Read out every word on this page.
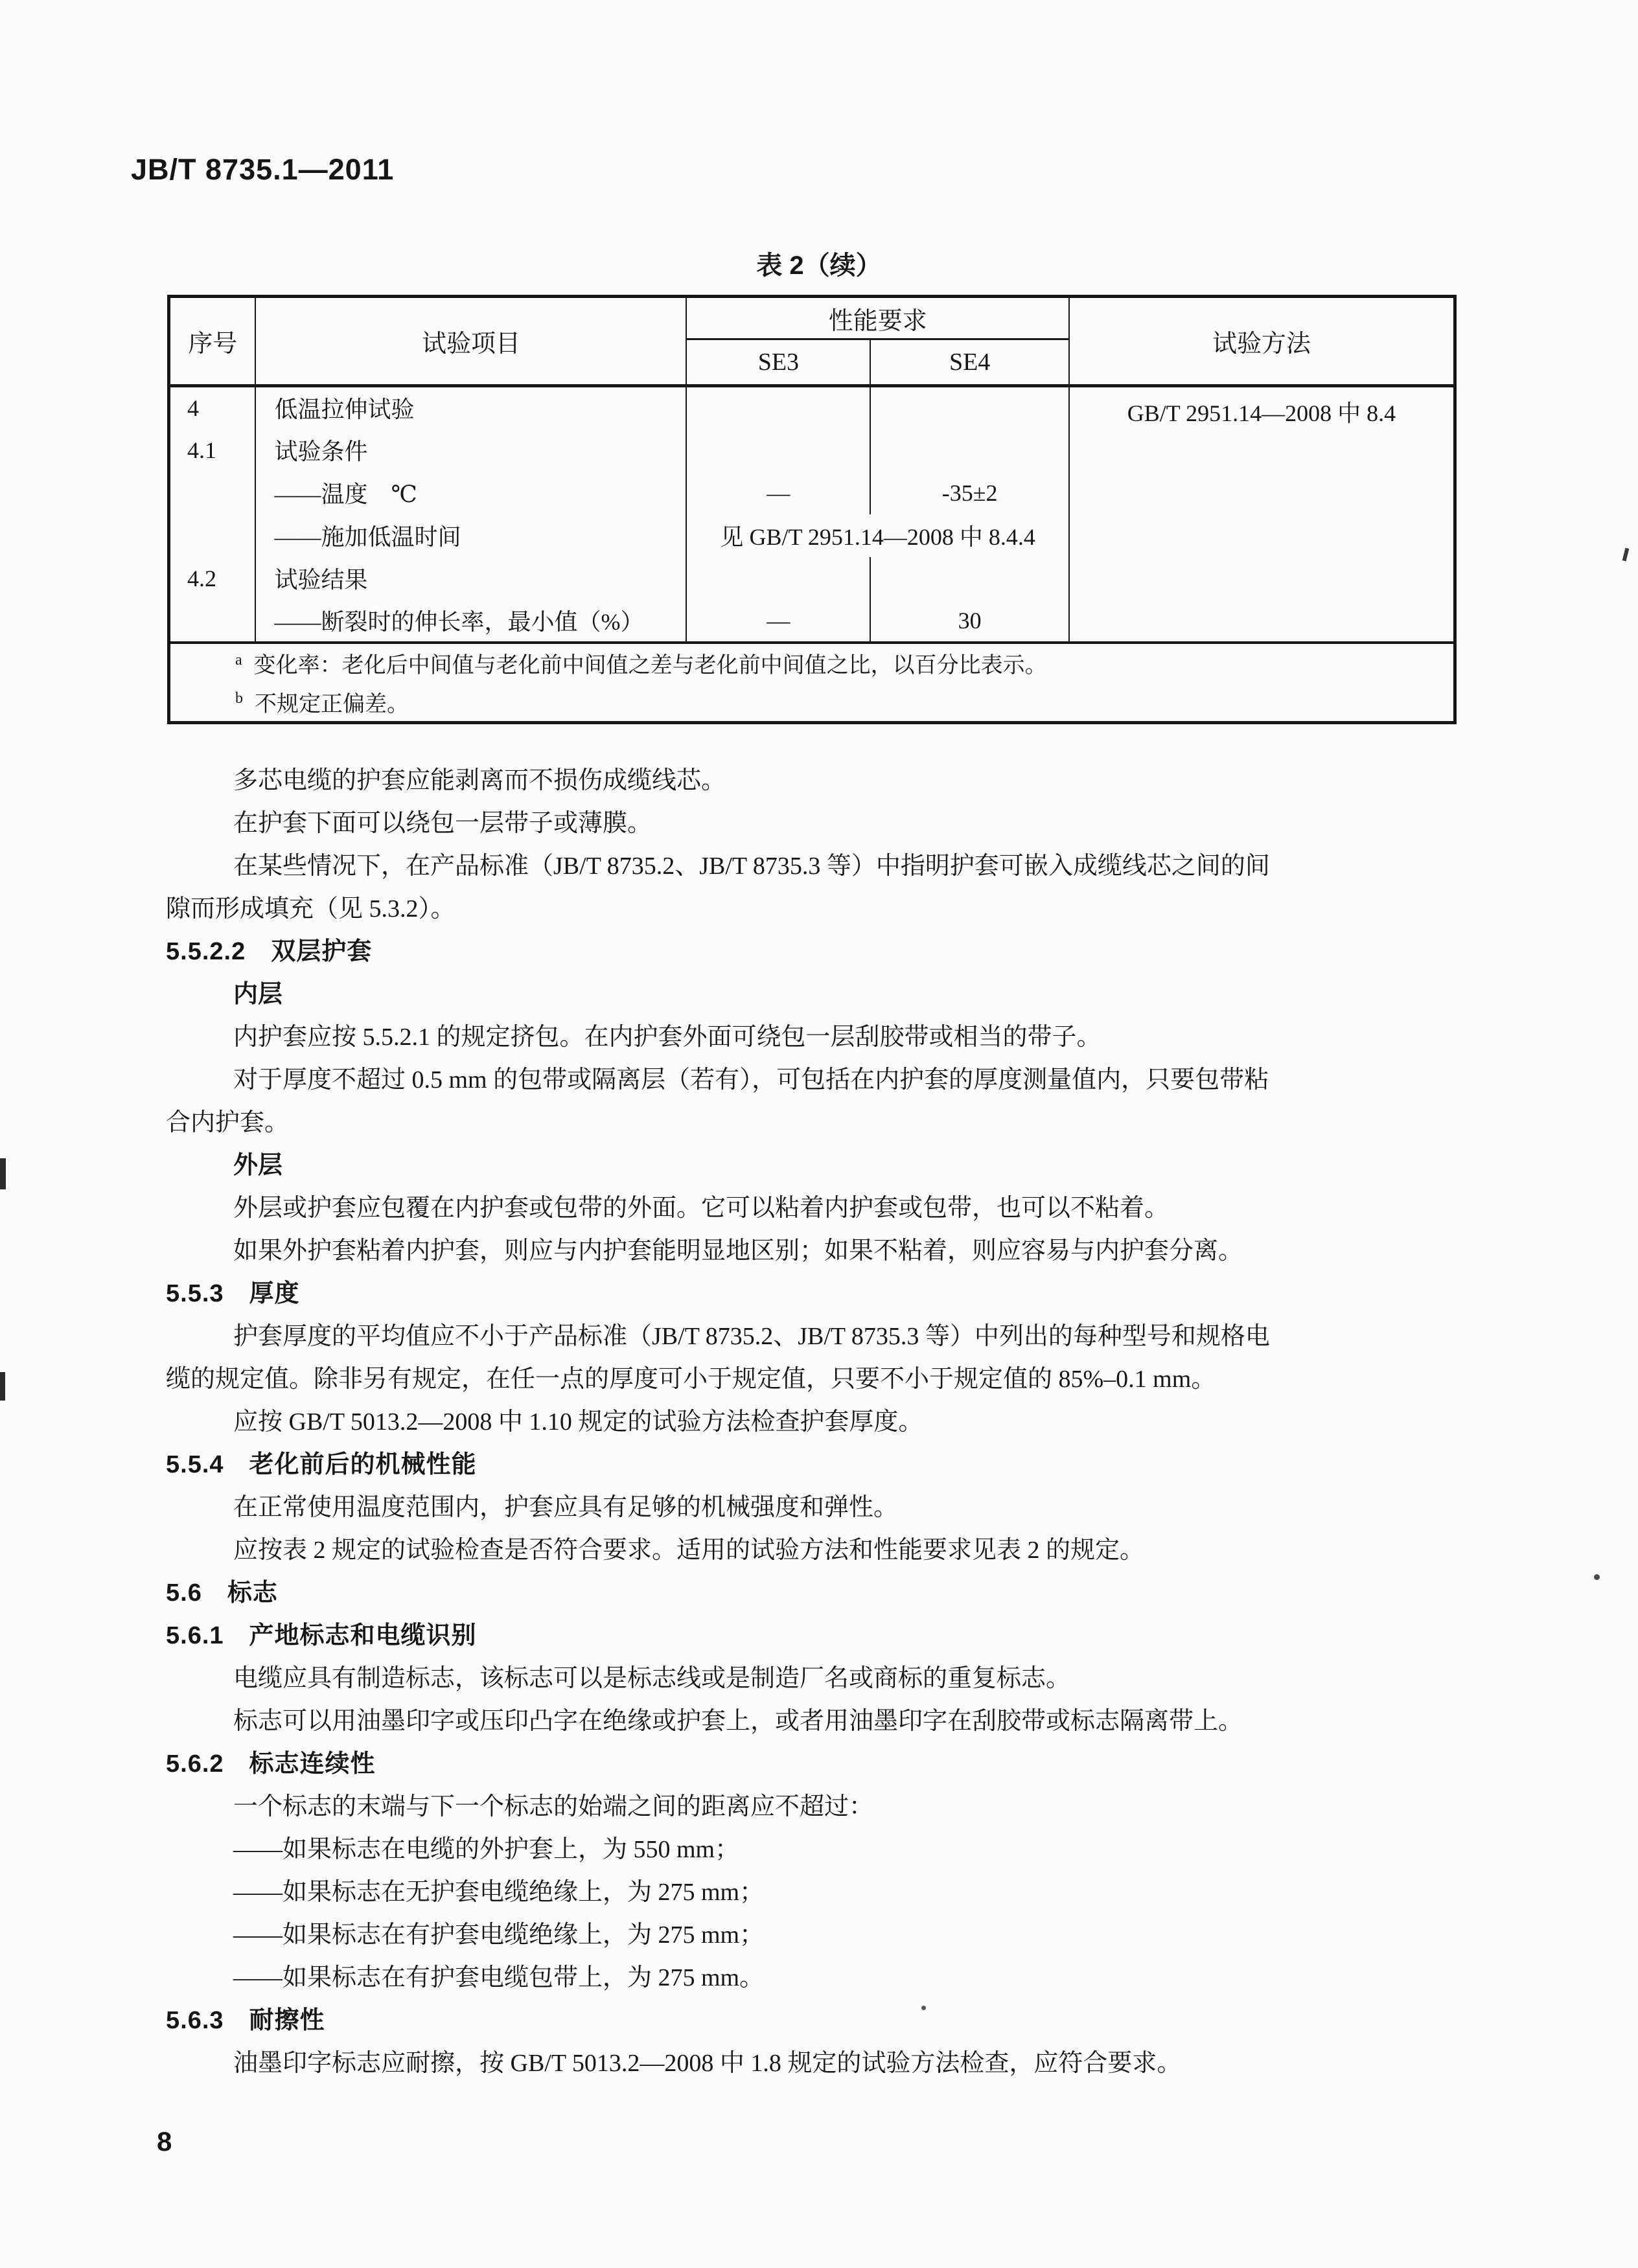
JB/T 8735.1—2011
表 2（续）
序号	试验项目	性能要求		试验方法
		SE3	SE4	
4	低温拉伸试验			GB/T 2951.14—2008 中 8.4
4.1	试验条件			
	——温度　℃	—	-35±2	
	——施加低温时间	见 GB/T 2951.14—2008 中 8.4.4		
4.2	试验结果			
	——断裂时的伸长率，最小值（%）	—	30	
$^a$ 变化率：老化后中间值与老化前中间值之差与老化前中间值之比，以百分比表示。				
$^b$ 不规定正偏差。				
多芯电缆的护套应能剥离而不损伤成缆线芯。
在护套下面可以绕包一层带子或薄膜。
在某些情况下，在产品标准（JB/T 8735.2、JB/T 8735.3 等）中指明护套可嵌入成缆线芯之间的间
隙而形成填充（见 5.3.2）。
5.5.2.2　双层护套
内层
内护套应按 5.5.2.1 的规定挤包。在内护套外面可绕包一层刮胶带或相当的带子。
对于厚度不超过 0.5 mm 的包带或隔离层（若有），可包括在内护套的厚度测量值内，只要包带粘
合内护套。
外层
外层或护套应包覆在内护套或包带的外面。它可以粘着内护套或包带，也可以不粘着。
如果外护套粘着内护套，则应与内护套能明显地区别；如果不粘着，则应容易与内护套分离。
5.5.3　厚度
护套厚度的平均值应不小于产品标准（JB/T 8735.2、JB/T 8735.3 等）中列出的每种型号和规格电
缆的规定值。除非另有规定，在任一点的厚度可小于规定值，只要不小于规定值的 85%–0.1 mm。
应按 GB/T 5013.2—2008 中 1.10 规定的试验方法检查护套厚度。
5.5.4　老化前后的机械性能
在正常使用温度范围内，护套应具有足够的机械强度和弹性。
应按表 2 规定的试验检查是否符合要求。适用的试验方法和性能要求见表 2 的规定。
5.6　标志
5.6.1　产地标志和电缆识别
电缆应具有制造标志，该标志可以是标志线或是制造厂名或商标的重复标志。
标志可以用油墨印字或压印凸字在绝缘或护套上，或者用油墨印字在刮胶带或标志隔离带上。
5.6.2　标志连续性
一个标志的末端与下一个标志的始端之间的距离应不超过：
——如果标志在电缆的外护套上，为 550 mm；
——如果标志在无护套电缆绝缘上，为 275 mm；
——如果标志在有护套电缆绝缘上，为 275 mm；
——如果标志在有护套电缆包带上，为 275 mm。
5.6.3　耐擦性
油墨印字标志应耐擦，按 GB/T 5013.2—2008 中 1.8 规定的试验方法检查，应符合要求。
8
